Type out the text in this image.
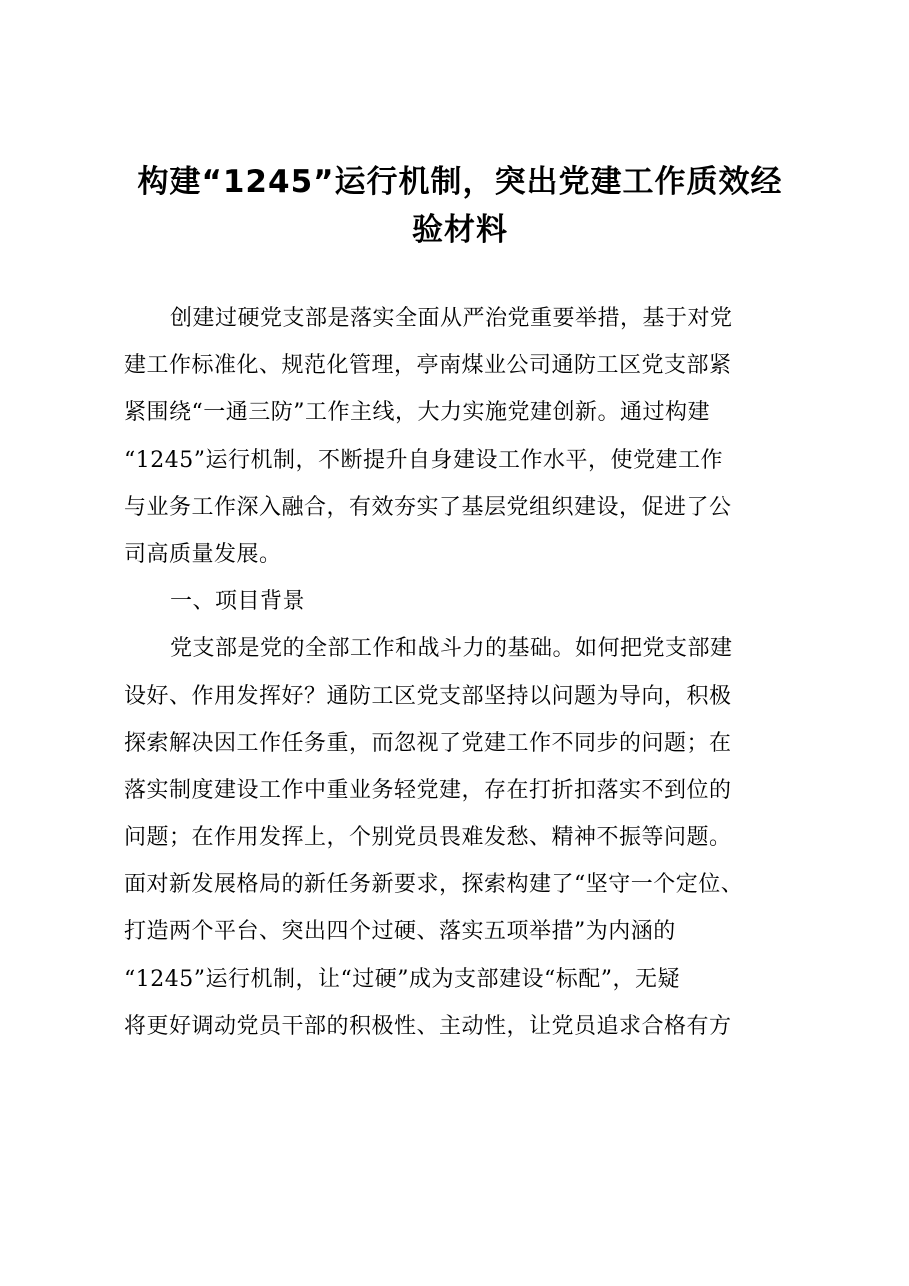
构建“1245”运行机制，突出党建工作质效经
验材料
创建过硬党支部是落实全面从严治党重要举措，基于对党
建工作标准化、规范化管理，亭南煤业公司通防工区党支部紧
紧围绕“一通三防”工作主线，大力实施党建创新。通过构建
“1245”运行机制，不断提升自身建设工作水平，使党建工作
与业务工作深入融合，有效夯实了基层党组织建设，促进了公
司高质量发展。
一、项目背景
党支部是党的全部工作和战斗力的基础。如何把党支部建
设好、作用发挥好？通防工区党支部坚持以问题为导向，积极
探索解决因工作任务重，而忽视了党建工作不同步的问题；在
落实制度建设工作中重业务轻党建，存在打折扣落实不到位的
问题；在作用发挥上，个别党员畏难发愁、精神不振等问题。
面对新发展格局的新任务新要求，探索构建了“坚守一个定位、
打造两个平台、突出四个过硬、落实五项举措”为内涵的
“1245”运行机制，让“过硬”成为支部建设“标配”，无疑
将更好调动党员干部的积极性、主动性，让党员追求合格有方
